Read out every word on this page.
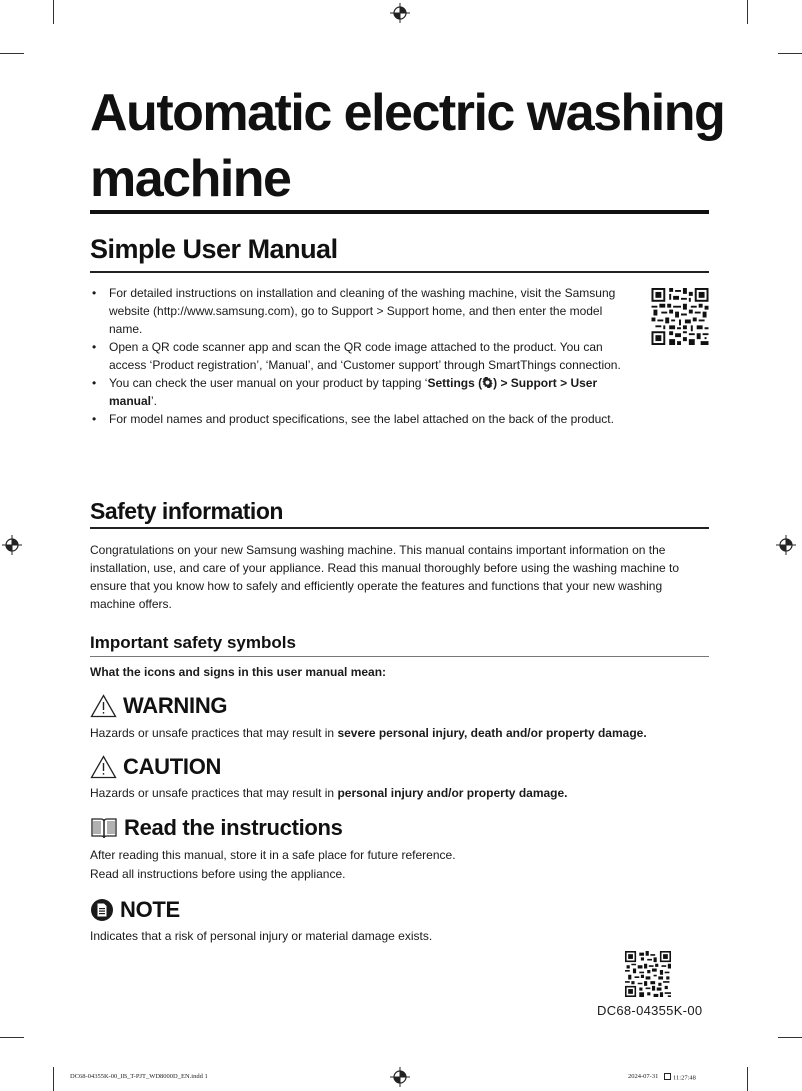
Automatic electric washing machine
Simple User Manual
• For detailed instructions on installation and cleaning of the washing machine, visit the Samsung website (http://www.samsung.com), go to Support > Support home, and then enter the model name.
• Open a QR code scanner app and scan the QR code image attached to the product. You can access ‘Product registration’, ‘Manual’, and ‘Customer support’ through SmartThings connection.
• You can check the user manual on your product by tapping ‘Settings ( ) > Support > User manual’.
• For model names and product specifications, see the label attached on the back of the product.
Safety information

Congratulations on your new Samsung washing machine. This manual contains important information on the installation, use, and care of your appliance. Read this manual thoroughly before using the washing machine to ensure that you know how to safely and efficiently operate the features and functions that your new washing machine offers.

Important safety symbols

What the icons and signs in this user manual mean:

WARNING

Hazards or unsafe practices that may result in severe personal injury, death and/or property damage.

CAUTION

Hazards or unsafe practices that may result in personal injury and/or property damage.

Read the instructions

After reading this manual, store it in a safe place for future reference.

Read all instructions before using the appliance.

NOTE

Indicates that a risk of personal injury or material damage exists.

DC68-04355K-00
DC68-04355K-00_IB_T-PJT_WD8000D_EN.indd 1	2024-07-31	11:27:48
